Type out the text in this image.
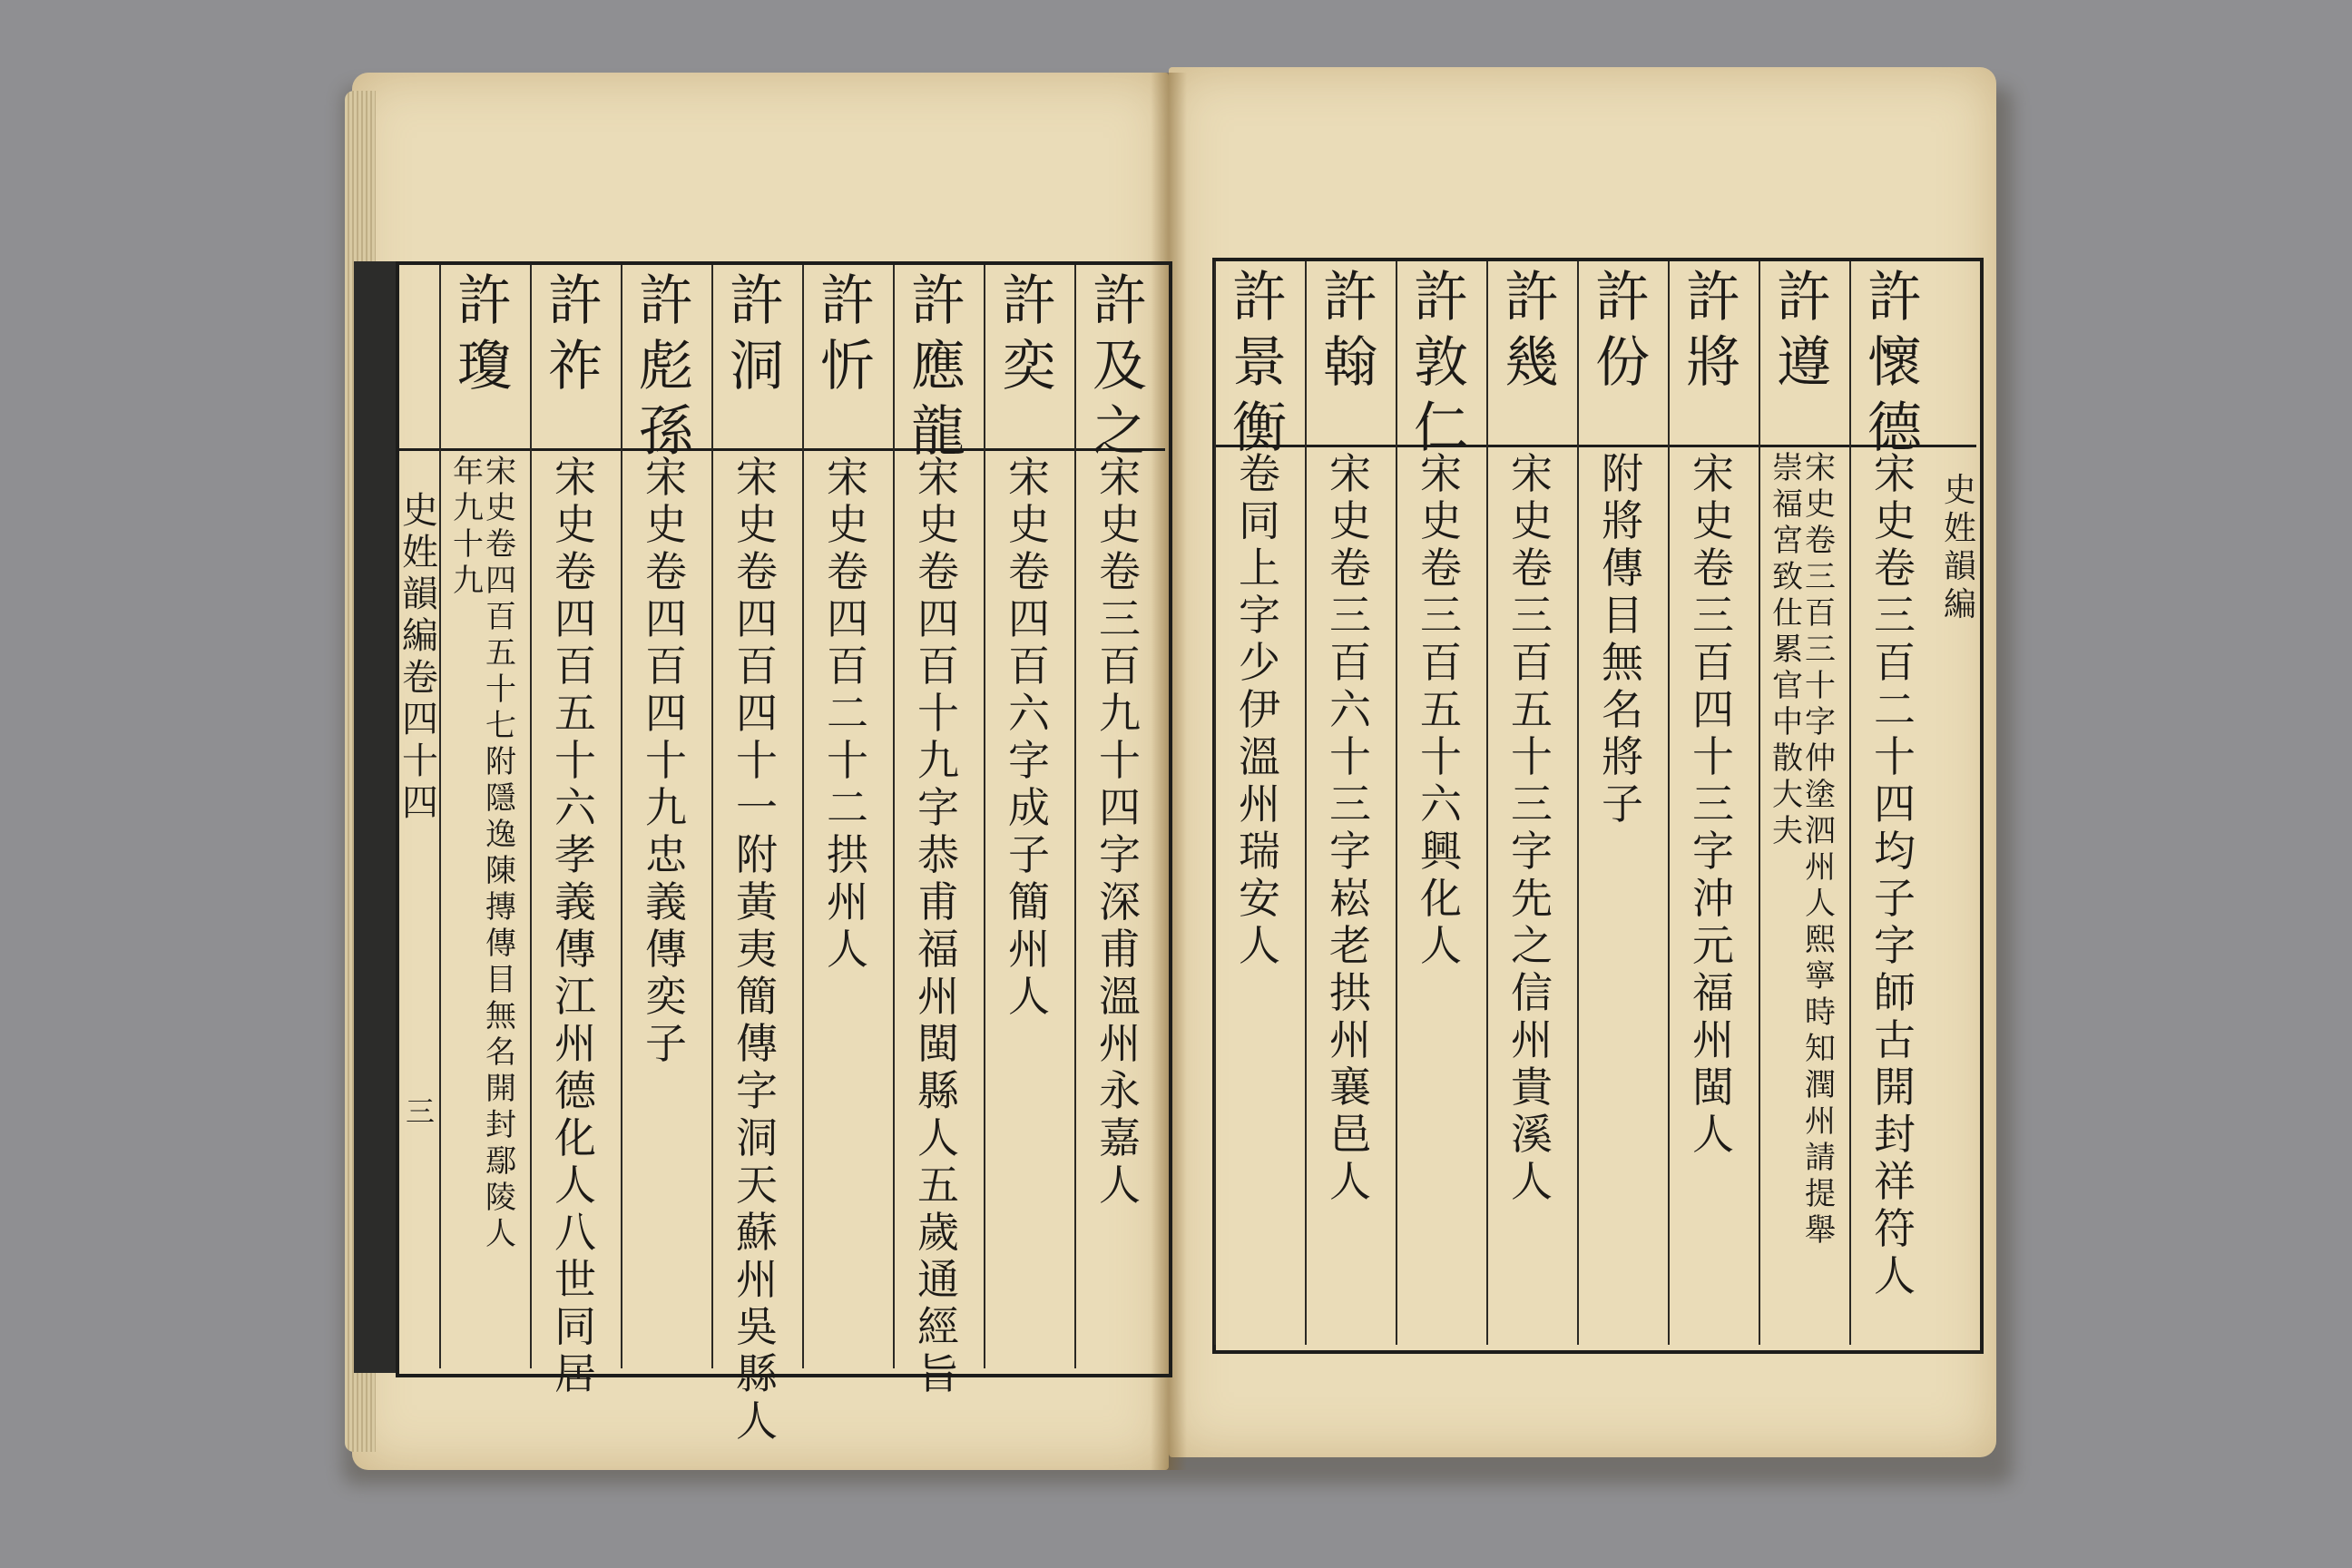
史
姓
韻
編
卷
四
十
四
三
史
姓
韻
編
許
及
之
宋
史
卷
三
百
九
十
四
字
深
甫
溫
州
永
嘉
人
許
奕
宋
史
卷
四
百
六
字
成
子
簡
州
人
許
應
龍
宋
史
卷
四
百
十
九
字
恭
甫
福
州
閩
縣
人
五
歲
通
經
旨
許
忻
宋
史
卷
四
百
二
十
二
拱
州
人
許
洞
宋
史
卷
四
百
四
十
一
附
黃
夷
簡
傳
字
洞
天
蘇
州
吳
縣
人
許
彪
孫
宋
史
卷
四
百
四
十
九
忠
義
傳
奕
子
許
祚
宋
史
卷
四
百
五
十
六
孝
義
傳
江
州
德
化
人
八
世
同
居
許
瓊
宋
史
卷
四
百
五
十
七
附
隱
逸
陳
摶
傳
目
無
名
開
封
鄢
陵
人
年
九
十
九
許
懷
德
宋
史
卷
三
百
二
十
四
均
子
字
師
古
開
封
祥
符
人
許
遵
宋
史
卷
三
百
三
十
字
仲
塗
泗
州
人
熙
寧
時
知
潤
州
請
提
舉
崇
福
宮
致
仕
累
官
中
散
大
夫
許
將
宋
史
卷
三
百
四
十
三
字
沖
元
福
州
閩
人
許
份
附
將
傳
目
無
名
將
子
許
幾
宋
史
卷
三
百
五
十
三
字
先
之
信
州
貴
溪
人
許
敦
仁
宋
史
卷
三
百
五
十
六
興
化
人
許
翰
宋
史
卷
三
百
六
十
三
字
崧
老
拱
州
襄
邑
人
許
景
衡
卷
同
上
字
少
伊
溫
州
瑞
安
人
